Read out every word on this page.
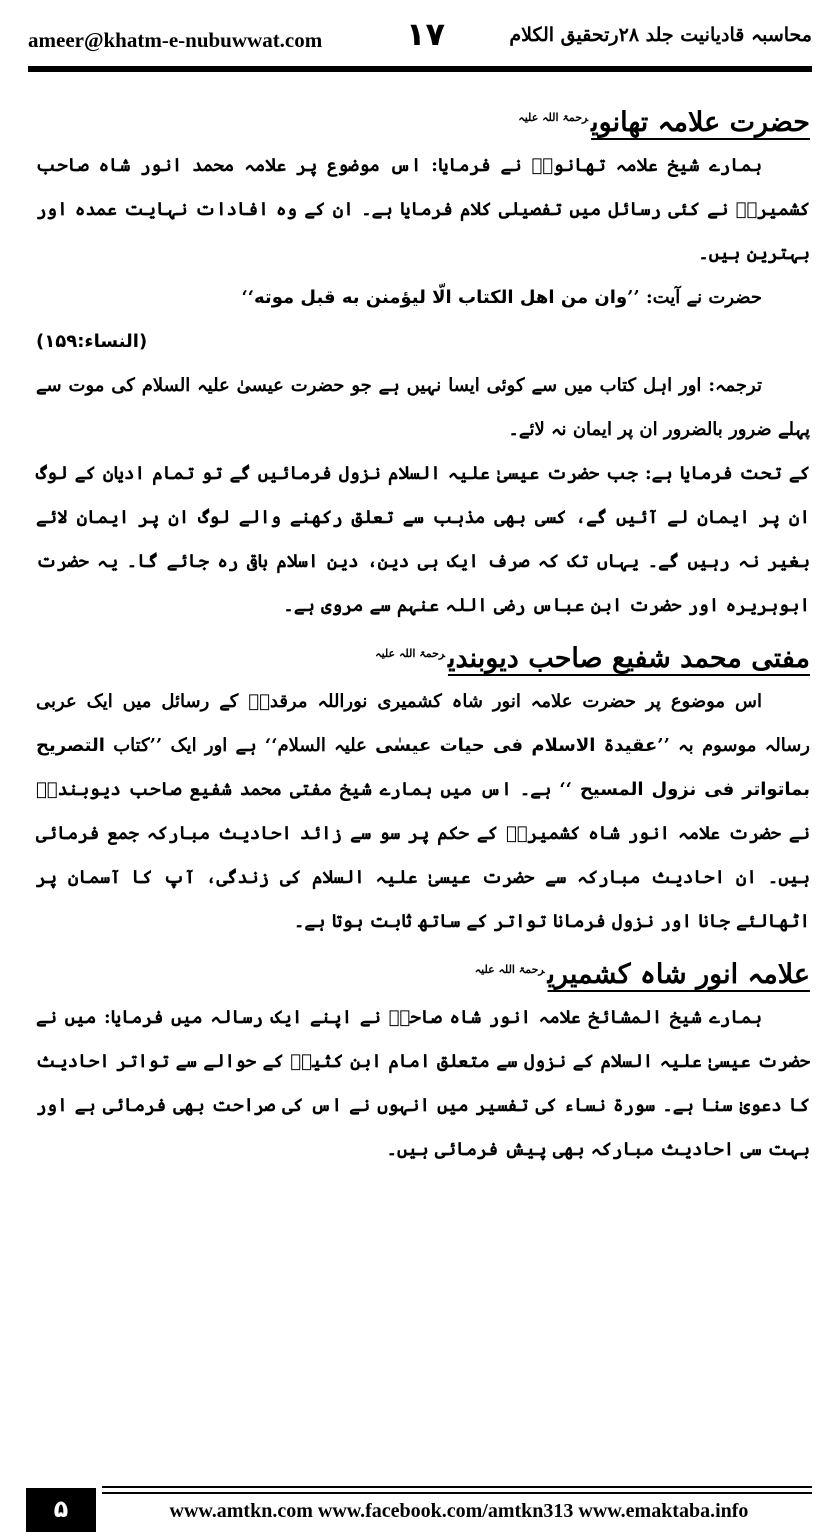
ameer@khatm-e-nubuwwat.com	۱۷	محاسبہ قادیانیت جلد ۲۸رتحقیق الکلام
حضرت علامہ تھانوی$^{رحمۃ اللہ علیہ}$

ہمارے شیخ علامہ تھانویؒ نے فرمایا: اس موضوع پر علامہ محمد انور شاہ صاحب کشمیریؒ نے کئی رسائل میں تفصیلی کلام فرمایا ہے۔ ان کے وہ افادات نہایت عمدہ اور بہترین ہیں۔

حضرت نے آیت: ’’وان من اهل الکتاب الّا لیؤمنن به قبل موته‘‘

(النساء:۱۵۹)

ترجمہ: اور اہل کتاب میں سے کوئی ایسا نہیں ہے جو حضرت عیسیٰ علیہ السلام کی موت سے پہلے ضرور بالضرور ان پر ایمان نہ لائے۔

کے تحت فرمایا ہے: جب حضرت عیسیٰ علیہ السلام نزول فرمائیں گے تو تمام ادیان کے لوگ ان پر ایمان لے آئیں گے، کسی بھی مذہب سے تعلق رکھنے والے لوگ ان پر ایمان لائے بغیر نہ رہیں گے۔ یہاں تک کہ صرف ایک ہی دین، دین اسلام باقی رہ جائے گا۔ یہ حضرت ابوہریرہ اور حضرت ابن عباس رضی اللہ عنہم سے مروی ہے۔

مفتی محمد شفیع صاحب دیوبندی$^{رحمۃ اللہ علیہ}$

اس موضوع پر حضرت علامہ انور شاہ کشمیری نوراللہ مرقدہٗ کے رسائل میں ایک عربی رسالہ موسوم بہ ’’عقیدۃ الاسلام فی حیات عیسٰی علیہ السلام‘‘ ہے اور ایک ’’کتاب التصریح بماتواتر فی نزول المسیح ‘‘ ہے۔ اس میں ہمارے شیخ مفتی محمد شفیع صاحب دیوبندیؒ نے حضرت علامہ انور شاہ کشمیریؒ کے حکم پر سو سے زائد احادیث مبارکہ جمع فرمائی ہیں۔ ان احادیث مبارکہ سے حضرت عیسیٰ علیہ السلام کی زندگی، آپ کا آسمان پر اٹھالئے جانا اور نزول فرمانا تواتر کے ساتھ ثابت ہوتا ہے۔

علامہ انور شاہ کشمیری$^{رحمۃ اللہ علیہ}$

ہمارے شیخ المشائخ علامہ انور شاہ صاحبؒ نے اپنے ایک رسالہ میں فرمایا: میں نے حضرت عیسیٰ علیہ السلام کے نزول سے متعلق امام ابن کثیرؒ کے حوالے سے تواتر احادیث کا دعویٰ سنا ہے۔ سورۃ نساء کی تفسیر میں انہوں نے اس کی صراحت بھی فرمائی ہے اور بہت سی احادیث مبارکہ بھی پیش فرمائی ہیں۔

۵	www.amtkn.com www.facebook.com/amtkn313 www.emaktaba.info
